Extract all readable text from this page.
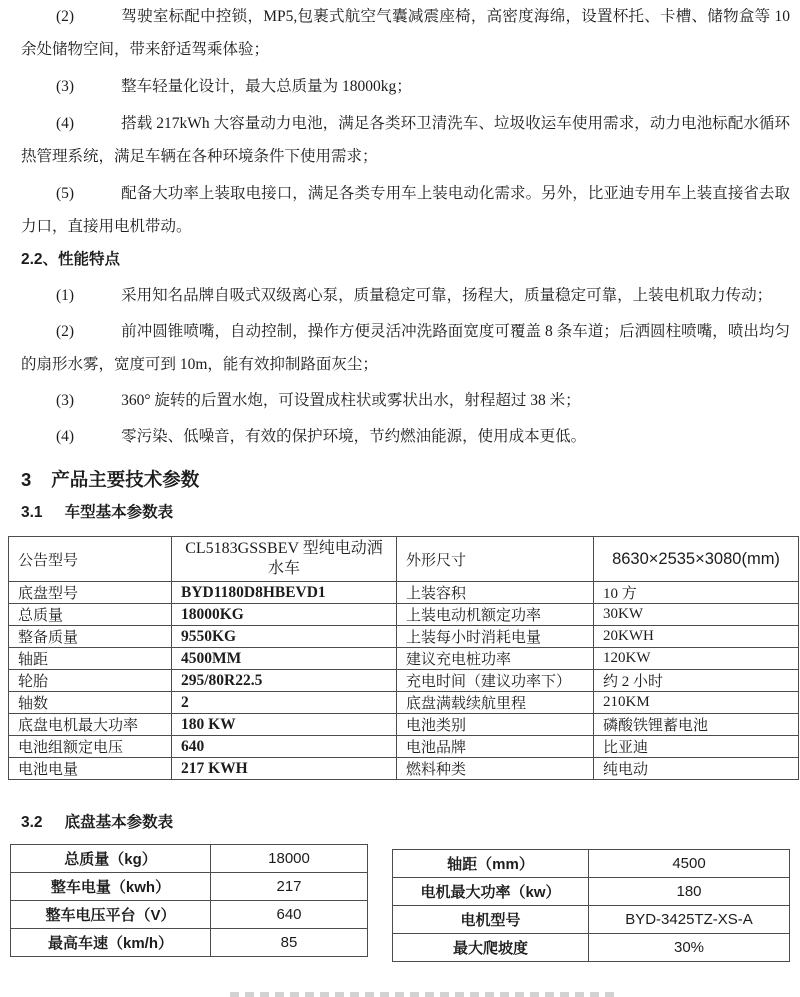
(2)	驾驶室标配中控锁，MP5,包裹式航空气囊减震座椅，高密度海绵，设置杯托、卡槽、储物盒等 10 余处储物空间，带来舒适驾乘体验；

(3)	整车轻量化设计，最大总质量为 18000kg；

(4)	搭载 217kWh 大容量动力电池，满足各类环卫清洗车、垃圾收运车使用需求，动力电池标配水循环热管理系统，满足车辆在各种环境条件下使用需求；

(5)	配备大功率上装取电接口，满足各类专用车上装电动化需求。另外，比亚迪专用车上装直接省去取力口，直接用电机带动。

2.2、性能特点

(1)	采用知名品牌自吸式双级离心泵，质量稳定可靠，扬程大，质量稳定可靠，上装电机取力传动；

(2)	前冲圆锥喷嘴，自动控制，操作方便灵活冲洗路面宽度可覆盖 8 条车道；后洒圆柱喷嘴，喷出均匀的扇形水雾，宽度可到 10m，能有效抑制路面灰尘；

(3)	360° 旋转的后置水炮，可设置成柱状或雾状出水，射程超过 38 米；

(4)	零污染、低噪音，有效的保护环境，节约燃油能源，使用成本更低。

3 产品主要技术参数
3.1 车型基本参数表
公告型号	CL5183GSSBEV 型纯电动洒水车	外形尺寸	8630×2535×3080(mm)
底盘型号	BYD1180D8HBEVD1	上装容积	10 方
总质量	18000KG	上装电动机额定功率	30KW
整备质量	9550KG	上装每小时消耗电量	20KWH
轴距	4500MM	建议充电桩功率	120KW
轮胎	295/80R22.5	充电时间（建议功率下）	约 2 小时
轴数	2	底盘满载续航里程	210KM
底盘电机最大功率	180 KW	电池类别	磷酸铁锂蓄电池
电池组额定电压	640	电池品牌	比亚迪
电池电量	217 KWH	燃料种类	纯电动
3.2 底盘基本参数表
总质量（kg）	18000
整车电量（kwh）	217
整车电压平台（V）	640
最高车速（km/h）	85
轴距（mm）	4500
电机最大功率（kw）	180
电机型号	BYD-3425TZ-XS-A
最大爬坡度	30%
